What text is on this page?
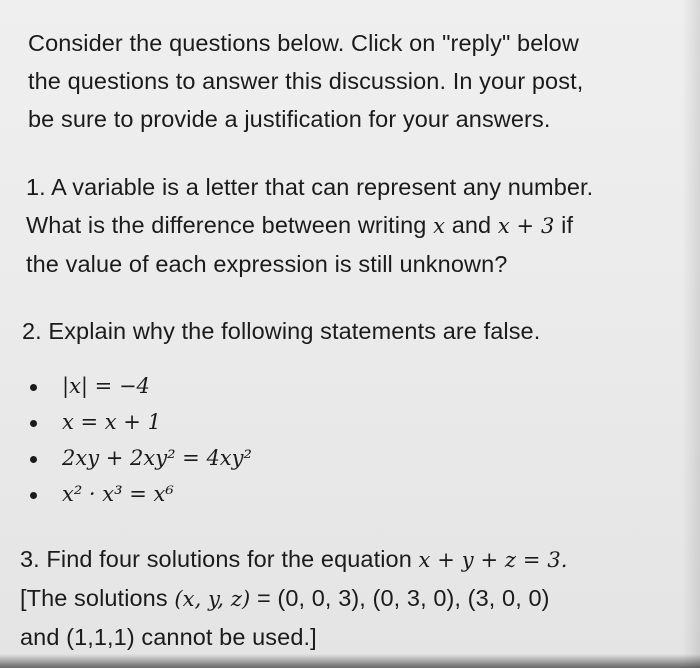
Consider the questions below. Click on "reply" below
the questions to answer this discussion. In your post,
be sure to provide a justification for your answers.
1. A variable is a letter that can represent any number.
What is the difference between writing x and x + 3 if
the value of each expression is still unknown?
2. Explain why the following statements are false.
|x| = −4
x = x + 1
2xy + 2xy² = 4xy²
x² · x³ = x⁶
3. Find four solutions for the equation x + y + z = 3.
[The solutions (x, y, z) = (0, 0, 3), (0, 3, 0), (3, 0, 0)
and (1,1,1) cannot be used.]
